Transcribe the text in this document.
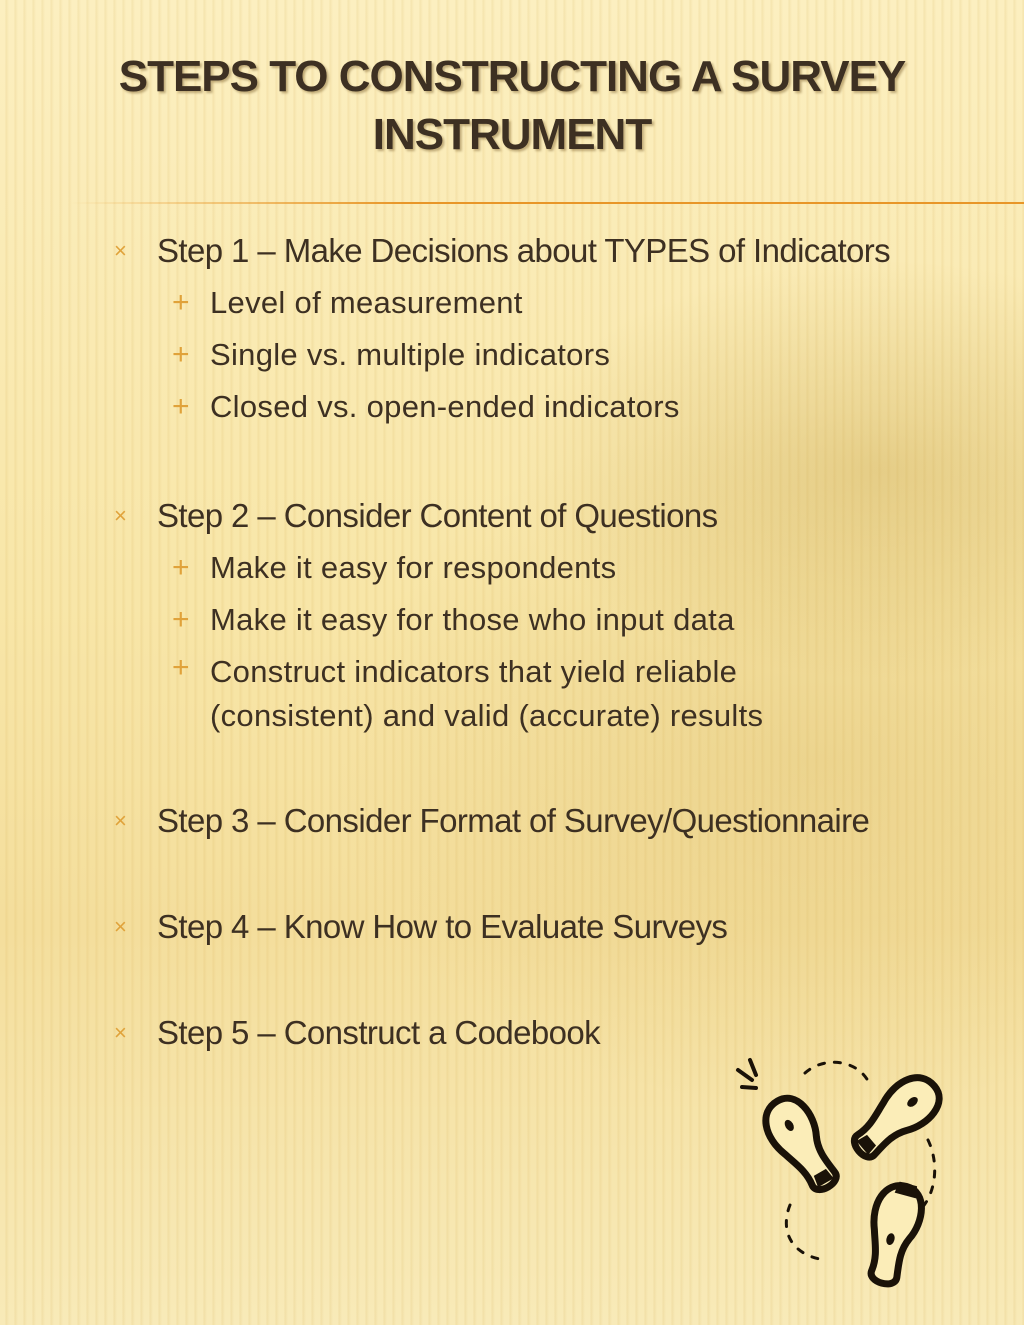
STEPS TO CONSTRUCTING A SURVEY
INSTRUMENT
× Step 1 – Make Decisions about TYPES of Indicators
+ Level of measurement
+ Single vs. multiple indicators
+ Closed vs. open-ended indicators
× Step 2 – Consider Content of Questions
+ Make it easy for respondents
+ Make it easy for those who input data
+ Construct indicators that yield reliable
(consistent) and valid (accurate) results
× Step 3 – Consider Format of Survey/Questionnaire
× Step 4 – Know How to Evaluate Surveys
× Step 5 – Construct a Codebook
